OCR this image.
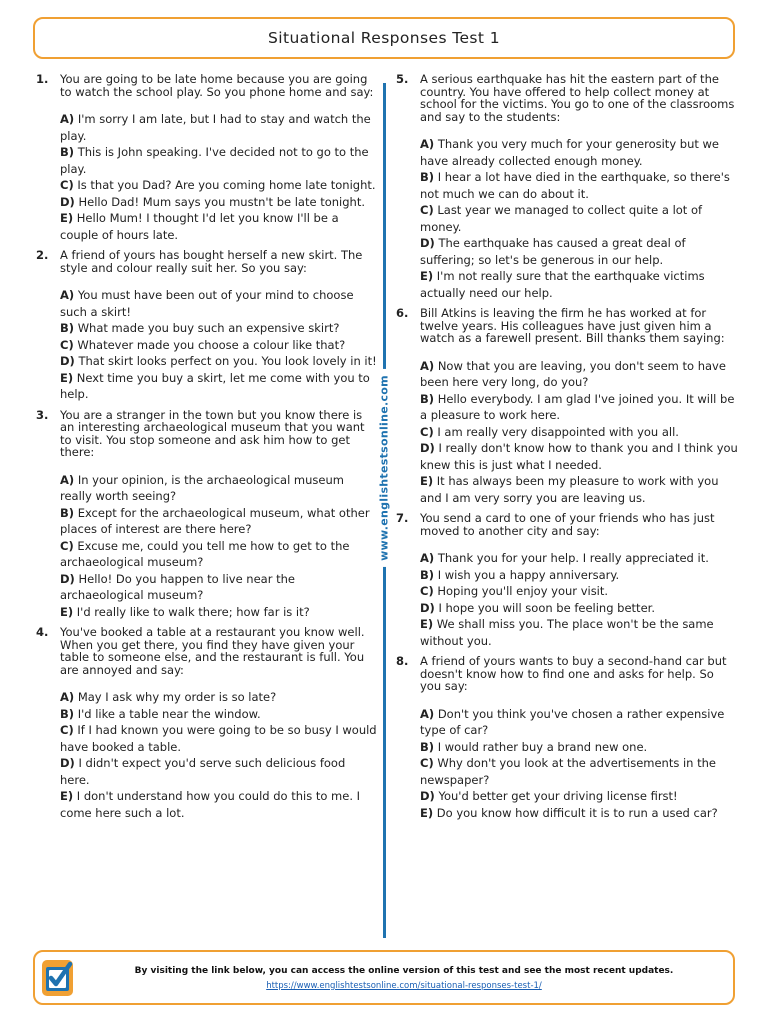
Situational Responses Test 1
1.	You are going to be late home because you are going to watch the school play. So you phone home and say:
A) I'm sorry I am late, but I had to stay and watch the play.
B) This is John speaking. I've decided not to go to the play.
C) Is that you Dad? Are you coming home late tonight.
D) Hello Dad! Mum says you mustn't be late tonight.
E) Hello Mum! I thought I'd let you know I'll be a couple of hours late.
2.	A friend of yours has bought herself a new skirt. The style and colour really suit her. So you say:
A) You must have been out of your mind to choose such a skirt!
B) What made you buy such an expensive skirt?
C) Whatever made you choose a colour like that?
D) That skirt looks perfect on you. You look lovely in it!
E) Next time you buy a skirt, let me come with you to help.
3.	You are a stranger in the town but you know there is an interesting archaeological museum that you want to visit. You stop someone and ask him how to get there:
A) In your opinion, is the archaeological museum really worth seeing?
B) Except for the archaeological museum, what other places of interest are there here?
C) Excuse me, could you tell me how to get to the archaeological museum?
D) Hello! Do you happen to live near the archaeological museum?
E) I'd really like to walk there; how far is it?
4.	You've booked a table at a restaurant you know well. When you get there, you find they have given your table to someone else, and the restaurant is full. You are annoyed and say:
A) May I ask why my order is so late?
B) I'd like a table near the window.
C) If I had known you were going to be so busy I would have booked a table.
D) I didn't expect you'd serve such delicious food here.
E) I don't understand how you could do this to me. I come here such a lot.
5.	A serious earthquake has hit the eastern part of the country. You have offered to help collect money at school for the victims. You go to one of the classrooms and say to the students:
A) Thank you very much for your generosity but we have already collected enough money.
B) I hear a lot have died in the earthquake, so there's not much we can do about it.
C) Last year we managed to collect quite a lot of money.
D) The earthquake has caused a great deal of suffering; so let's be generous in our help.
E) I'm not really sure that the earthquake victims actually need our help.
6.	Bill Atkins is leaving the firm he has worked at for twelve years. His colleagues have just given him a watch as a farewell present. Bill thanks them saying:
A) Now that you are leaving, you don't seem to have been here very long, do you?
B) Hello everybody. I am glad I've joined you. It will be a pleasure to work here.
C) I am really very disappointed with you all.
D) I really don't know how to thank you and I think you knew this is just what I needed.
E) It has always been my pleasure to work with you and I am very sorry you are leaving us.
7.	You send a card to one of your friends who has just moved to another city and say:
A) Thank you for your help. I really appreciated it.
B) I wish you a happy anniversary.
C) Hoping you'll enjoy your visit.
D) I hope you will soon be feeling better.
E) We shall miss you. The place won't be the same without you.
8.	A friend of yours wants to buy a second-hand car but doesn't know how to find one and asks for help. So you say:
A) Don't you think you've chosen a rather expensive type of car?
B) I would rather buy a brand new one.
C) Why don't you look at the advertisements in the newspaper?
D) You'd better get your driving license first!
E) Do you know how difficult it is to run a used car?
www.englishtestsonline.com
By visiting the link below, you can access the online version of this test and see the most recent updates.
https://www.englishtestsonline.com/situational-responses-test-1/
